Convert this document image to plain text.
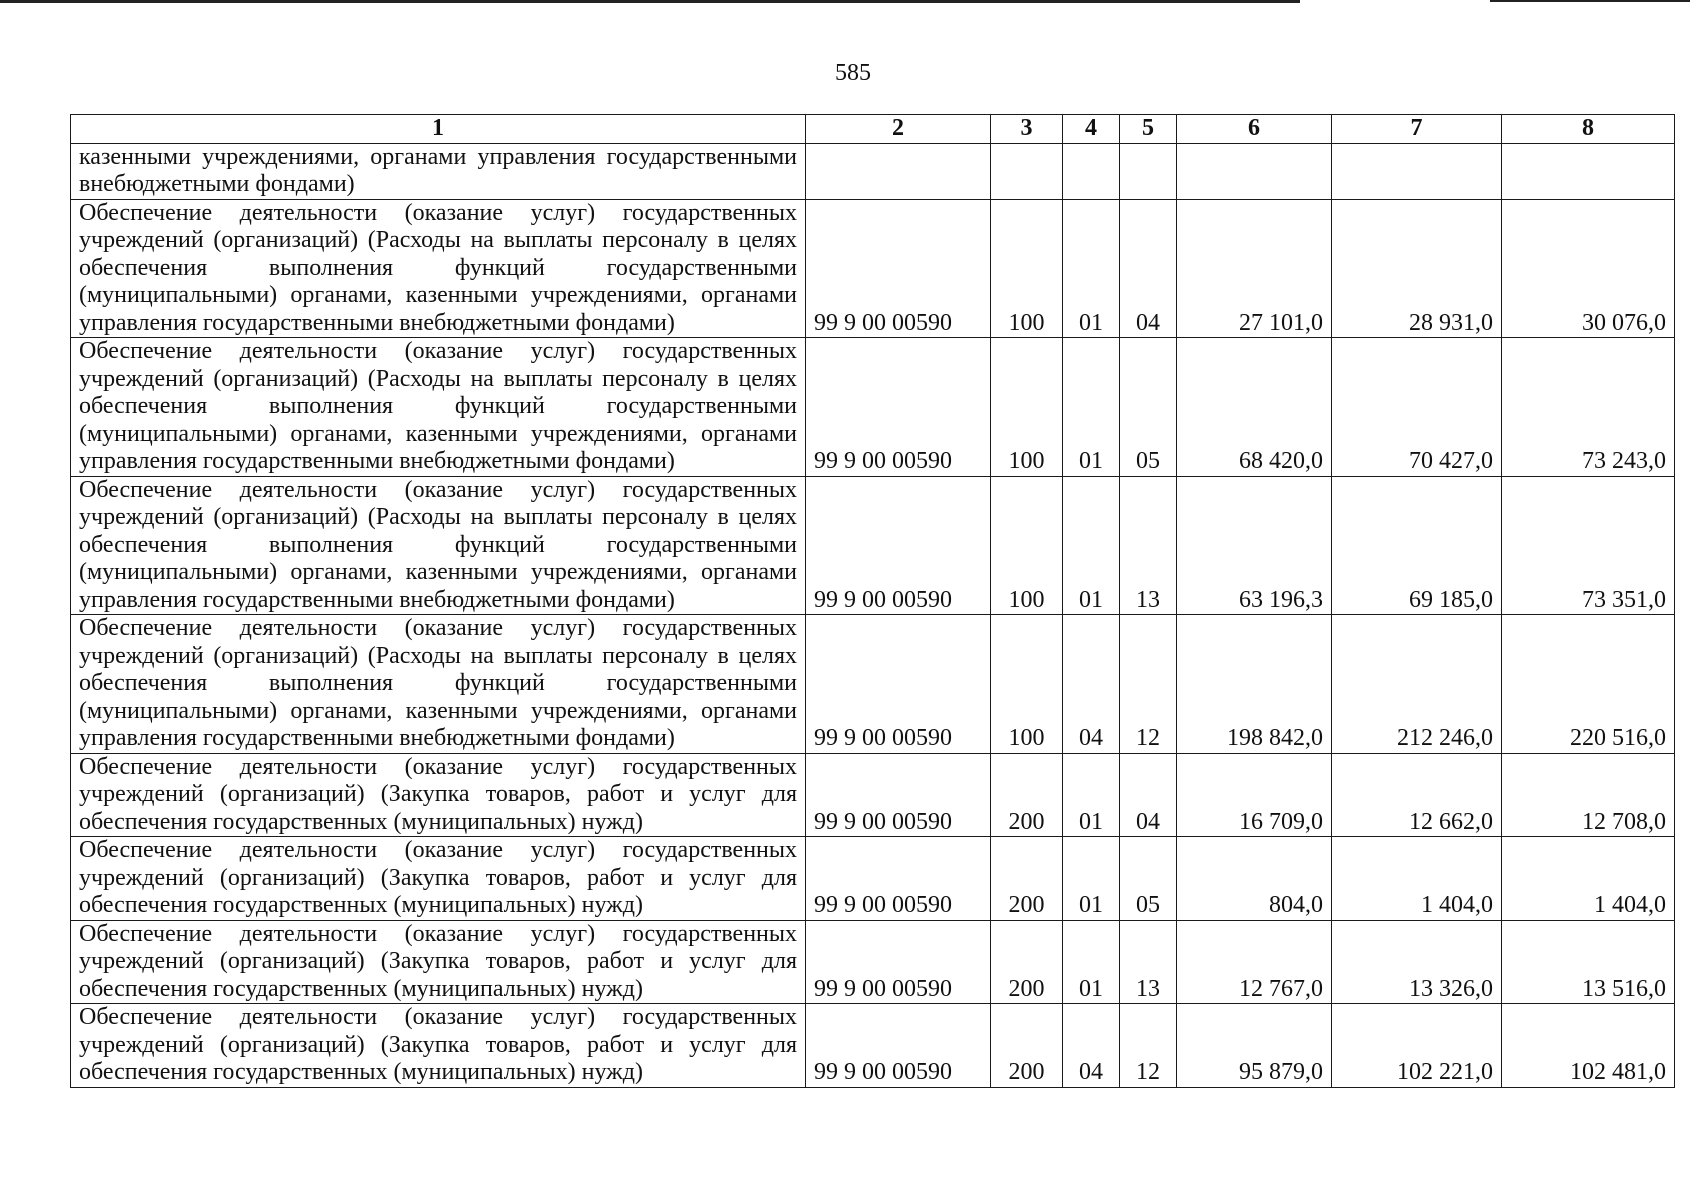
585
1	2	3	4	5	6	7	8
казенными учреждениями, органами управления государственными внебюджетными фондами)							
Обеспечение деятельности (оказание услуг) государственных учреждений (организаций) (Расходы на выплаты персоналу в целях обеспечения выполнения функций государственными (муниципальными) органами, казенными учреждениями, органами управления государственными внебюджетными фондами)	99 9 00 00590	100	01	04	27 101,0	28 931,0	30 076,0
Обеспечение деятельности (оказание услуг) государственных учреждений (организаций) (Расходы на выплаты персоналу в целях обеспечения выполнения функций государственными (муниципальными) органами, казенными учреждениями, органами управления государственными внебюджетными фондами)	99 9 00 00590	100	01	05	68 420,0	70 427,0	73 243,0
Обеспечение деятельности (оказание услуг) государственных учреждений (организаций) (Расходы на выплаты персоналу в целях обеспечения выполнения функций государственными (муниципальными) органами, казенными учреждениями, органами управления государственными внебюджетными фондами)	99 9 00 00590	100	01	13	63 196,3	69 185,0	73 351,0
Обеспечение деятельности (оказание услуг) государственных учреждений (организаций) (Расходы на выплаты персоналу в целях обеспечения выполнения функций государственными (муниципальными) органами, казенными учреждениями, органами управления государственными внебюджетными фондами)	99 9 00 00590	100	04	12	198 842,0	212 246,0	220 516,0
Обеспечение деятельности (оказание услуг) государственных учреждений (организаций) (Закупка товаров, работ и услуг для обеспечения государственных (муниципальных) нужд)	99 9 00 00590	200	01	04	16 709,0	12 662,0	12 708,0
Обеспечение деятельности (оказание услуг) государственных учреждений (организаций) (Закупка товаров, работ и услуг для обеспечения государственных (муниципальных) нужд)	99 9 00 00590	200	01	05	804,0	1 404,0	1 404,0
Обеспечение деятельности (оказание услуг) государственных учреждений (организаций) (Закупка товаров, работ и услуг для обеспечения государственных (муниципальных) нужд)	99 9 00 00590	200	01	13	12 767,0	13 326,0	13 516,0
Обеспечение деятельности (оказание услуг) государственных учреждений (организаций) (Закупка товаров, работ и услуг для обеспечения государственных (муниципальных) нужд)	99 9 00 00590	200	04	12	95 879,0	102 221,0	102 481,0
